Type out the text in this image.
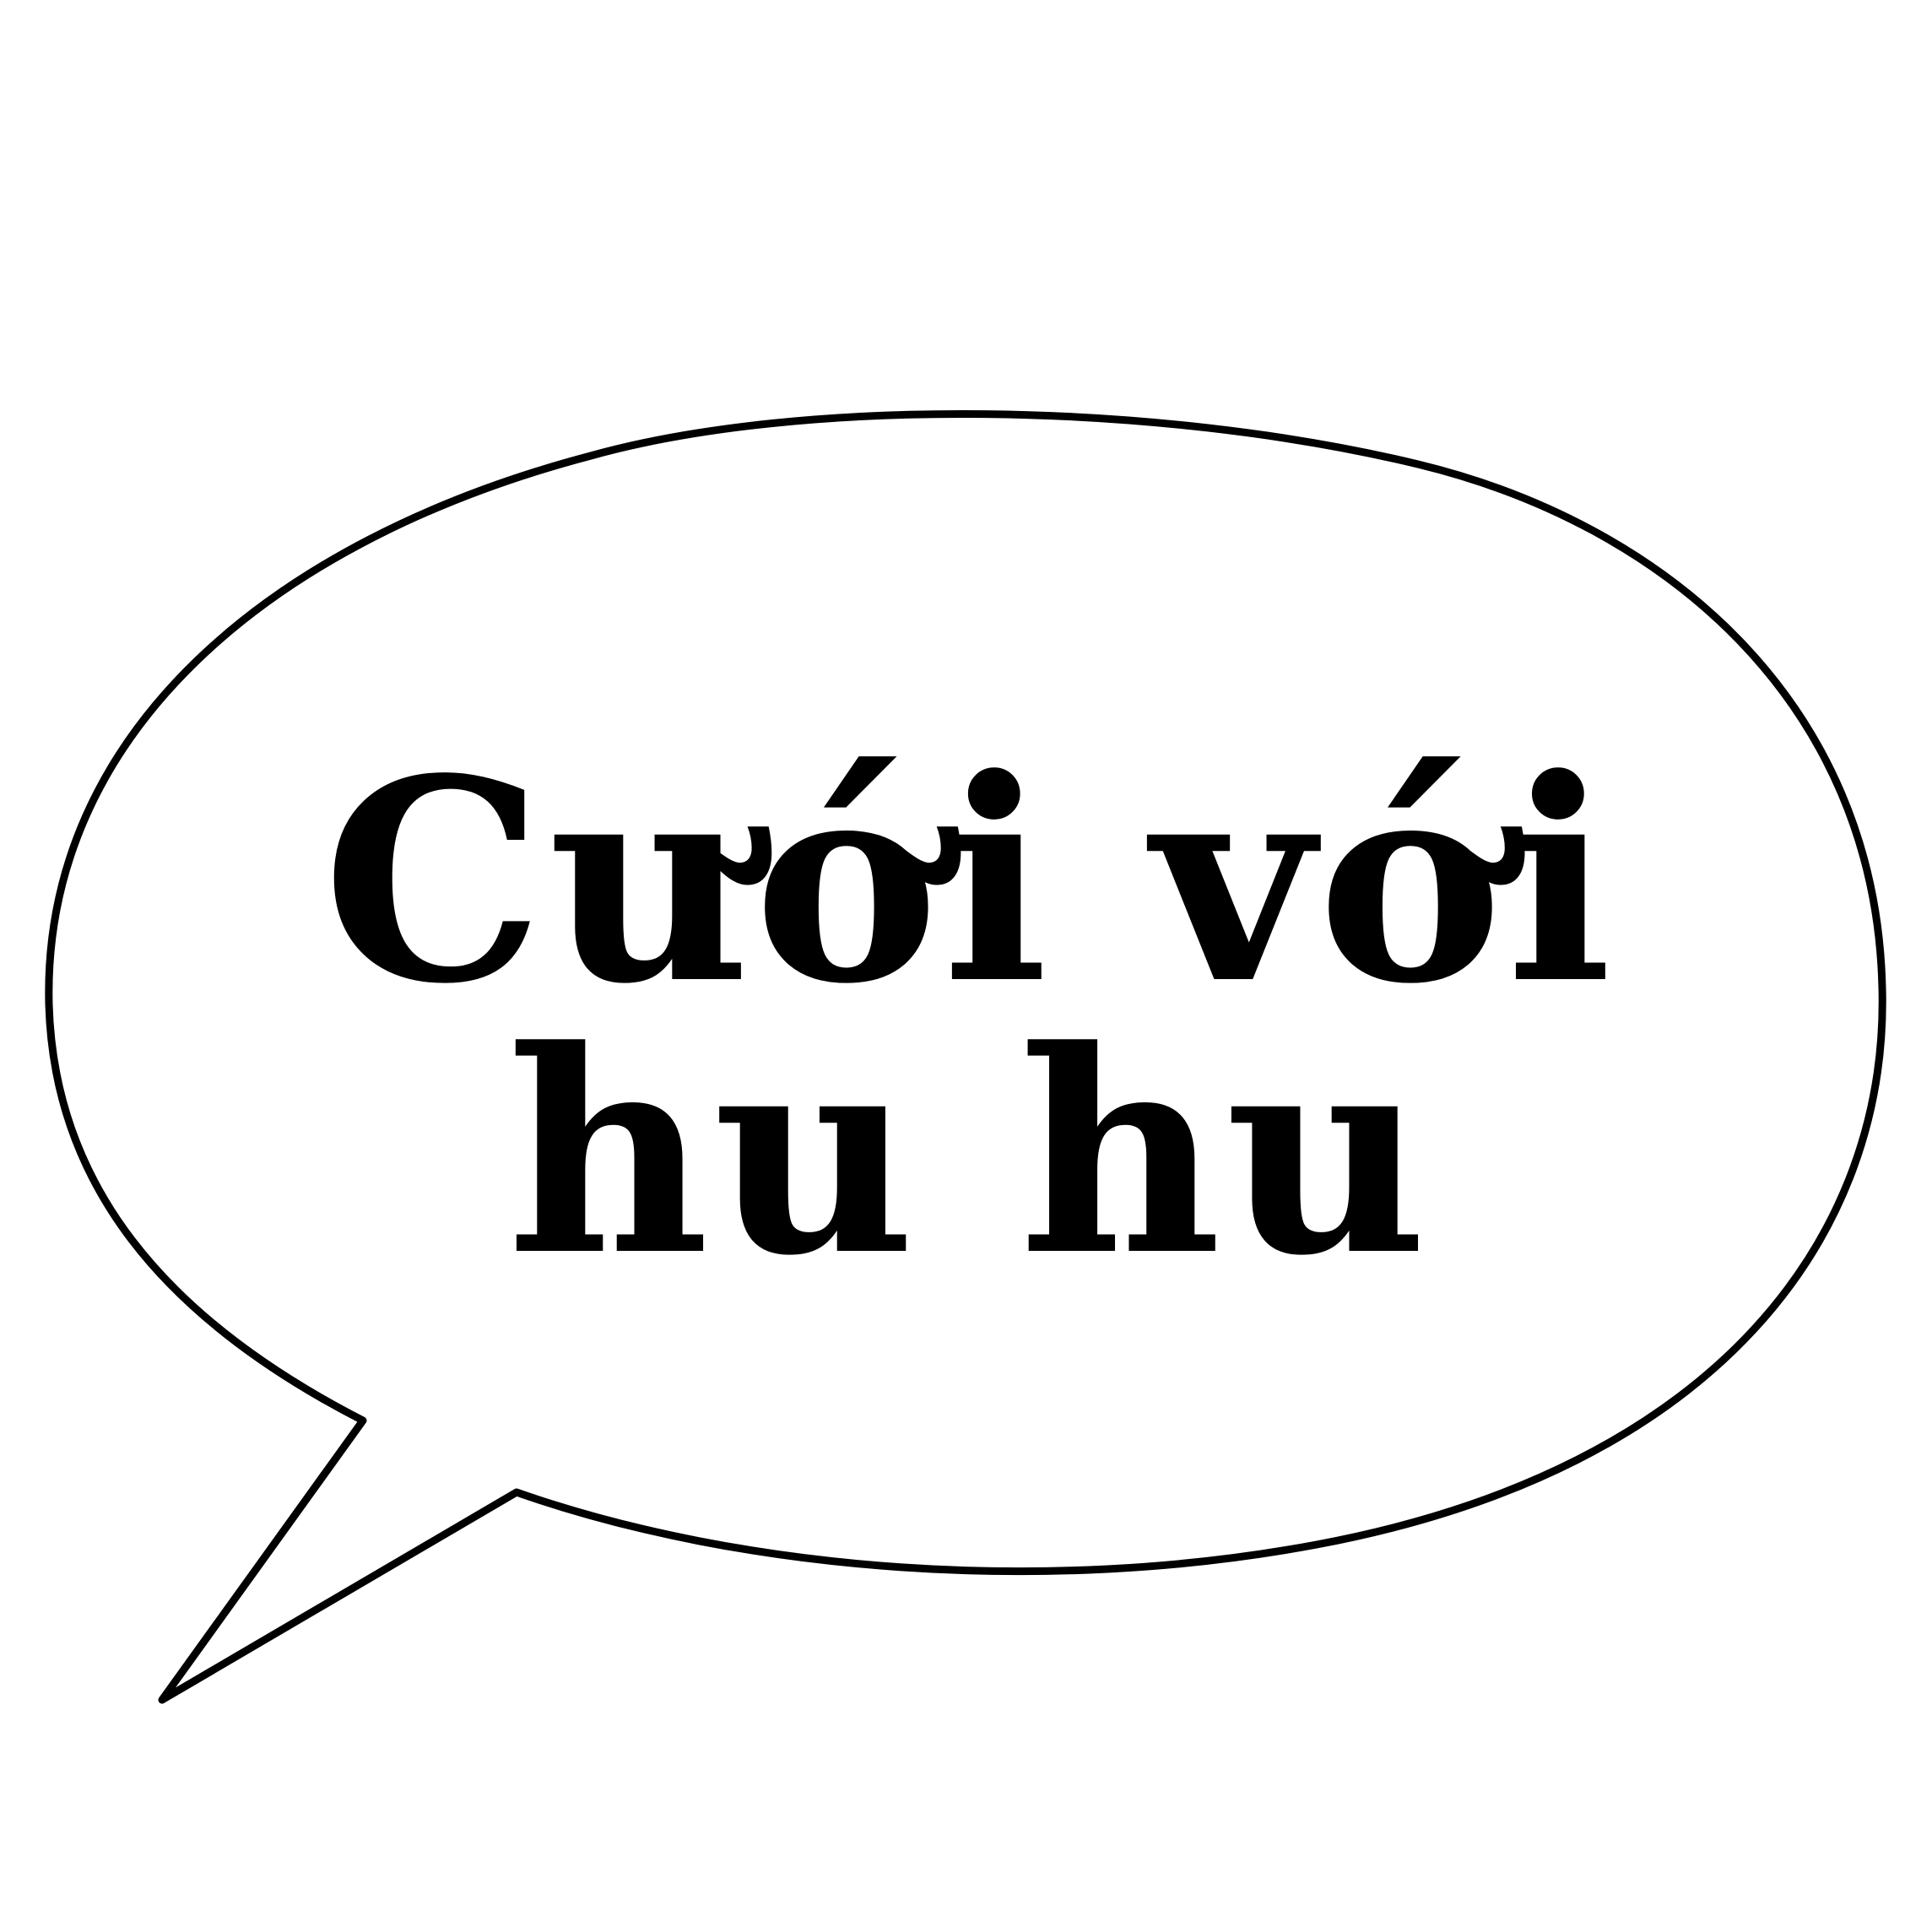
Cưới với
hu hu
